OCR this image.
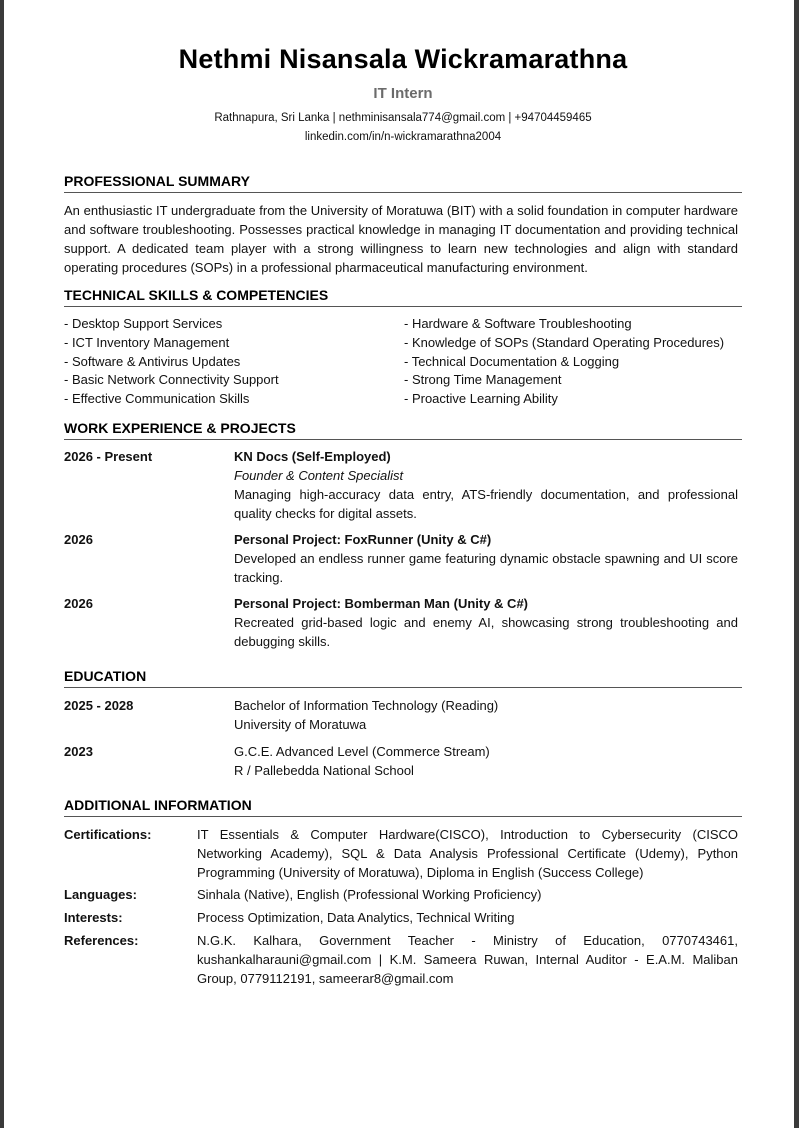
Nethmi Nisansala Wickramarathna
IT Intern
Rathnapura, Sri Lanka | nethminisansala774@gmail.com | +94704459465
linkedin.com/in/n-wickramarathna2004
PROFESSIONAL SUMMARY
An enthusiastic IT undergraduate from the University of Moratuwa (BIT) with a solid foundation in computer hardware and software troubleshooting. Possesses practical knowledge in managing IT documentation and providing technical support. A dedicated team player with a strong willingness to learn new technologies and align with standard operating procedures (SOPs) in a professional pharmaceutical manufacturing environment.
TECHNICAL SKILLS & COMPETENCIES
- Desktop Support Services
- ICT Inventory Management
- Software & Antivirus Updates
- Basic Network Connectivity Support
- Effective Communication Skills
- Hardware & Software Troubleshooting
- Knowledge of SOPs (Standard Operating Procedures)
- Technical Documentation & Logging
- Strong Time Management
- Proactive Learning Ability
WORK EXPERIENCE & PROJECTS
2026 - Present	KN Docs (Self-Employed)
Founder & Content Specialist
Managing high-accuracy data entry, ATS-friendly documentation, and professional quality checks for digital assets.
2026	Personal Project: FoxRunner (Unity & C#)
Developed an endless runner game featuring dynamic obstacle spawning and UI score tracking.
2026	Personal Project: Bomberman Man (Unity & C#)
Recreated grid-based logic and enemy AI, showcasing strong troubleshooting and debugging skills.
EDUCATION
2025 - 2028	Bachelor of Information Technology (Reading)
University of Moratuwa
2023	G.C.E. Advanced Level (Commerce Stream)
R / Pallebedda National School
ADDITIONAL INFORMATION
Certifications:	IT Essentials & Computer Hardware(CISCO), Introduction to Cybersecurity (CISCO Networking Academy), SQL & Data Analysis Professional Certificate (Udemy), Python Programming (University of Moratuwa), Diploma in English (Success College)
Languages:	Sinhala (Native), English (Professional Working Proficiency)
Interests:	Process Optimization, Data Analytics, Technical Writing
References:	N.G.K. Kalhara, Government Teacher - Ministry of Education, 0770743461, kushankalharauni@gmail.com | K.M. Sameera Ruwan, Internal Auditor - E.A.M. Maliban Group, 0779112191, sameerar8@gmail.com
